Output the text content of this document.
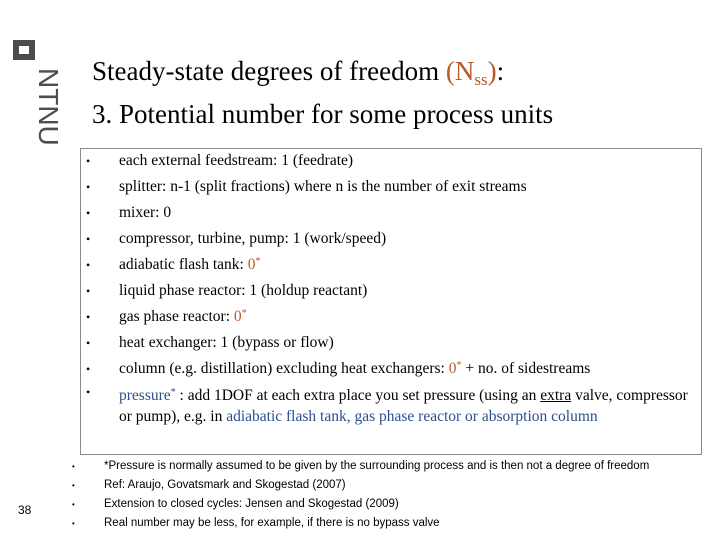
NTNU
38
Steady-state degrees of freedom $(N_{ss})$:
3. Potential number for some process units
• each external feedstream: 1 (feedrate)
• splitter: n-1 (split fractions) where n is the number of exit streams
• mixer: 0
• compressor, turbine, pump: 1 (work/speed)
• adiabatic flash tank: 0*
• liquid phase reactor: 1 (holdup reactant)
• gas phase reactor: 0*
• heat exchanger: 1 (bypass or flow)
• column (e.g. distillation) excluding heat exchangers: 0* + no. of sidestreams
• pressure* : add 1DOF at each extra place you set pressure (using an extra valve, compressor or pump), e.g. in adiabatic flash tank, gas phase reactor or absorption column
• *Pressure is normally assumed to be given by the surrounding process and is then not a degree of freedom
• Ref: Araujo, Govatsmark and Skogestad (2007)
• Extension to closed cycles: Jensen and Skogestad (2009)
• Real number may be less, for example, if there is no bypass valve
